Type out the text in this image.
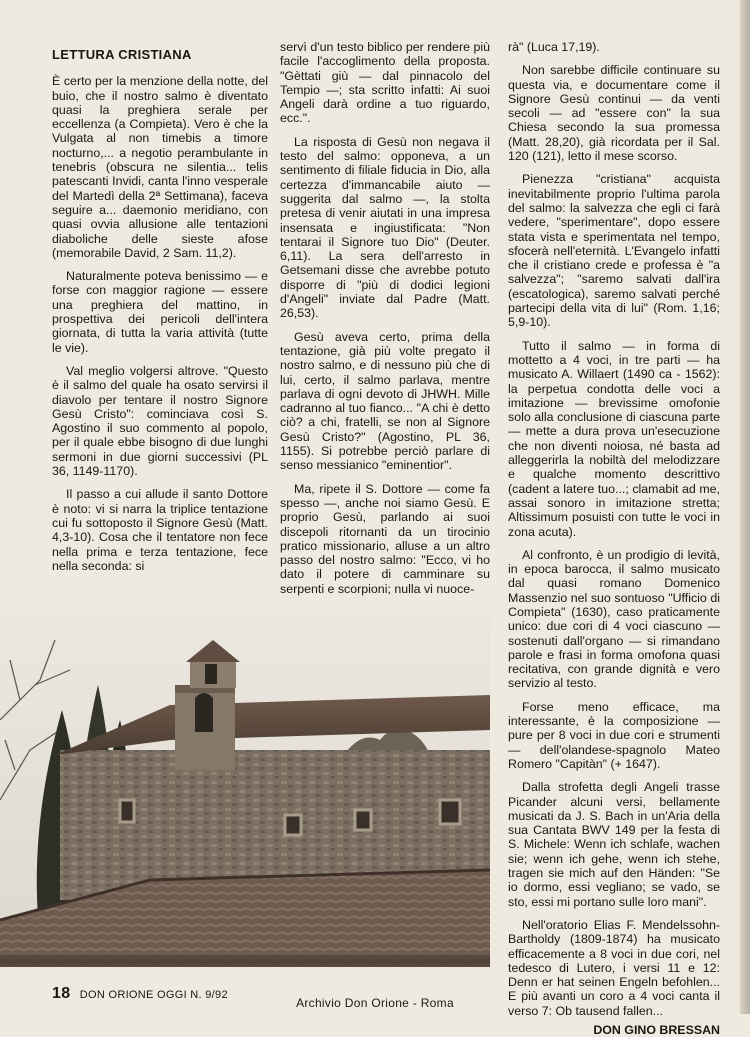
LETTURA CRISTIANA

È certo per la menzione della notte, del buio, che il nostro salmo è diventato quasi la preghiera serale per eccellenza (a Compieta). Vero è che la Vulgata al non timebis a timore nocturno,... a negotio perambulante in tenebris (obscura ne silentia... telis patescanti Invidi, canta l'inno vesperale del Martedì della 2ª Settimana), faceva seguire a... daemonio meridiano, con quasi ovvia allusione alle tentazioni diaboliche delle sieste afose (memorabile David, 2 Sam. 11,2).

Naturalmente poteva benissimo — e forse con maggior ragione — essere una preghiera del mattino, in prospettiva dei pericoli dell'intera giornata, di tutta la varia attività (tutte le vie).

Val meglio volgersi altrove. "Questo è il salmo del quale ha osato servirsi il diavolo per tentare il nostro Signore Gesù Cristo": cominciava così S. Agostino il suo commento al popolo, per il quale ebbe bisogno di due lunghi sermoni in due giorni successivi (PL 36, 1149-1170).

Il passo a cui allude il santo Dottore è noto: vi si narra la triplice tentazione cui fu sottoposto il Signore Gesù (Matt. 4,3-10). Cosa che il tentatore non fece nella prima e terza tentazione, fece nella seconda: si

servì d'un testo biblico per rendere più facile l'accoglimento della proposta. "Gèttati giù — dal pinnacolo del Tempio —; sta scritto infatti: Ai suoi Angeli darà ordine a tuo riguardo, ecc.".

La risposta di Gesù non negava il testo del salmo: opponeva, a un sentimento di filiale fiducia in Dio, alla certezza d'immancabile aiuto — suggerita dal salmo —, la stolta pretesa di venir aiutati in una impresa insensata e ingiustificata: "Non tentarai il Signore tuo Dio" (Deuter. 6,11). La sera dell'arresto in Getsemani disse che avrebbe potuto disporre di "più di dodici legioni d'Angeli" inviate dal Padre (Matt. 26,53).

Gesù aveva certo, prima della tentazione, già più volte pregato il nostro salmo, e di nessuno più che di lui, certo, il salmo parlava, mentre parlava di ogni devoto di JHWH. Mille cadranno al tuo fianco... "A chi è detto ciò? a chi, fratelli, se non al Signore Gesù Cristo?" (Agostino, PL 36, 1155). Si potrebbe perciò parlare di senso messianico "eminentior".

Ma, ripete il S. Dottore — come fa spesso —, anche noi siamo Gesù. E proprio Gesù, parlando ai suoi discepoli ritornanti da un tirocinio pratico missionario, alluse a un altro passo del nostro salmo: "Ecco, vi ho dato il potere di camminare su serpenti e scorpioni; nulla vi nuoce-

rà" (Luca 17,19).

Non sarebbe difficile continuare su questa via, e documentare come il Signore Gesù continui — da venti secoli — ad "essere con" la sua Chiesa secondo la sua promessa (Matt. 28,20), già ricordata per il Sal. 120 (121), letto il mese scorso.

Pienezza "cristiana" acquista inevitabilmente proprio l'ultima parola del salmo: la salvezza che egli ci farà vedere, "sperimentare", dopo essere stata vista e sperimentata nel tempo, sfocerà nell'eternità. L'Evangelo infatti che il cristiano crede e professa è "a salvezza"; "saremo salvati dall'ira (escatologica), saremo salvati perché partecipi della vita di lui" (Rom. 1,16; 5,9-10).

Tutto il salmo — in forma di mottetto a 4 voci, in tre parti — ha musicato A. Willaert (1490 ca - 1562): la perpetua condotta delle voci a imitazione — brevissime omofonie solo alla conclusione di ciascuna parte — mette a dura prova un'esecuzione che non diventi noiosa, né basta ad alleggerirla la nobiltà del melodizzare e qualche momento descrittivo (cadent a latere tuo...; clamabit ad me, assai sonoro in imitazione stretta; Altissimum posuisti con tutte le voci in zona acuta).

Al confronto, è un prodigio di levità, in epoca barocca, il salmo musicato dal quasi romano Domenico Massenzio nel suo sontuoso "Ufficio di Compieta" (1630), caso praticamente unico: due cori di 4 voci ciascuno — sostenuti dall'organo — si rimandano parole e frasi in forma omofona quasi recitativa, con grande dignità e vero servizio al testo.

Forse meno efficace, ma interessante, è la composizione — pure per 8 voci in due cori e strumenti — dell'olandese-spagnolo Mateo Romero "Capitàn" (+ 1647).

Dalla strofetta degli Angeli trasse Picander alcuni versi, bellamente musicati da J. S. Bach in un'Aria della sua Cantata BWV 149 per la festa di S. Michele: Wenn ich schlafe, wachen sie; wenn ich gehe, wenn ich stehe, tragen sie mich auf den Händen: "Se io dormo, essi vegliano; se vado, se sto, essi mi portano sulle loro mani".

Nell'oratorio Elias F. Mendelssohn-Bartholdy (1809-1874) ha musicato efficacemente a 8 voci in due cori, nel tedesco di Lutero, i versi 11 e 12: Denn er hat seinen Engeln befohlen... E più avanti un coro a 4 voci canta il verso 7: Ob tausend fallen...

DON GINO BRESSAN
18 DON ORIONE OGGI N. 9/92
Archivio Don Orione - Roma
